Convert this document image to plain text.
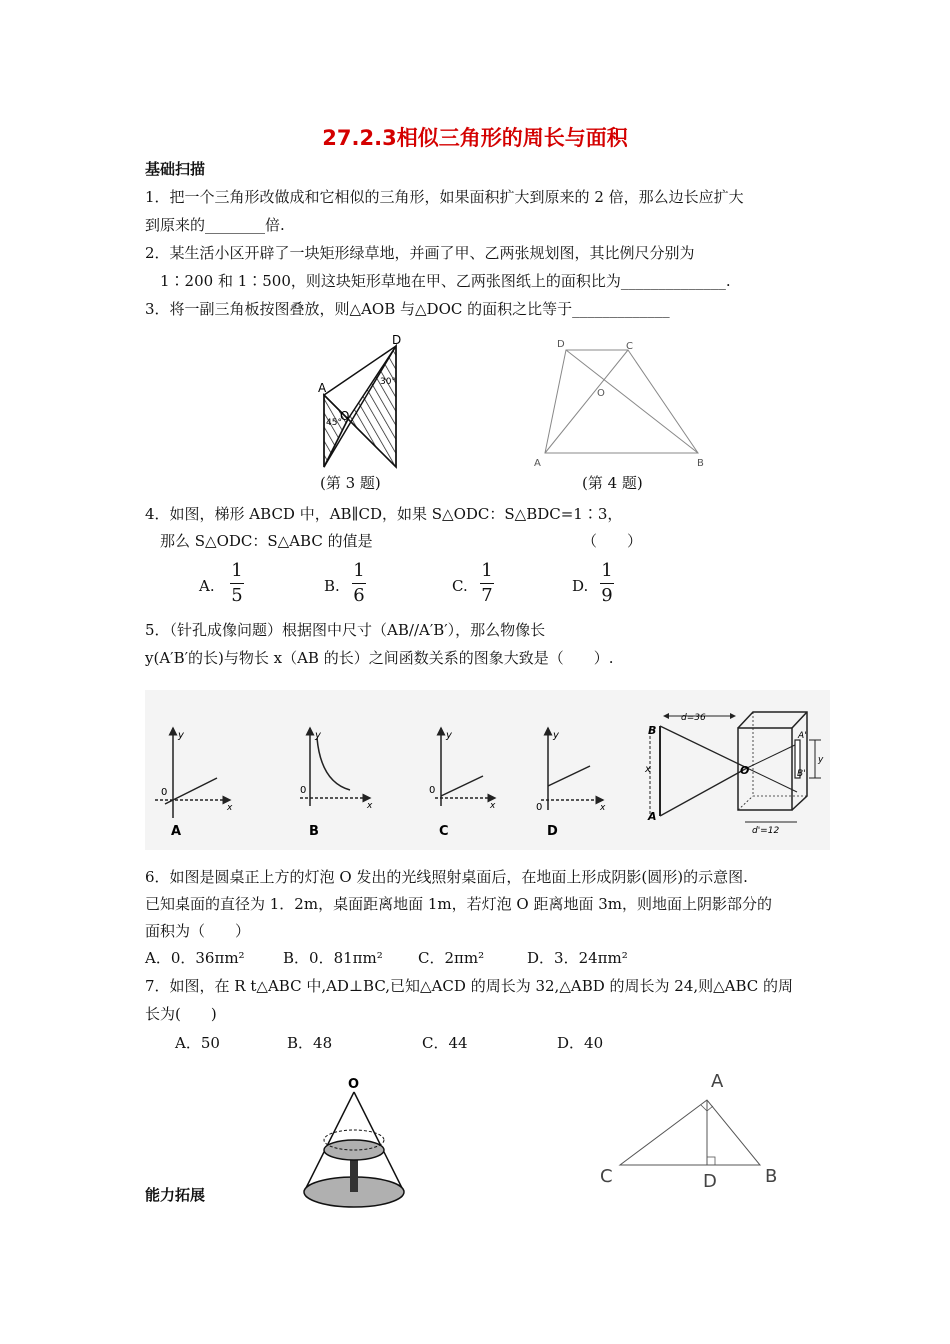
27.2.3相似三角形的周长与面积
基础扫描
1．把一个三角形改做成和它相似的三角形，如果面积扩大到原来的 2 倍，那么边长应扩大
到原来的________倍.
2．某生活小区开辟了一块矩形绿草地，并画了甲、乙两张规划图，其比例尺分别为
1∶200 和 1∶500，则这块矩形草地在甲、乙两张图纸上的面积比为______________.
3．将一副三角板按图叠放，则△AOB 与△DOC 的面积之比等于_____________
A
D
O
45°
30°
(第 3 题)
D	C
O
A	B
(第 4 题)
4．如图，梯形 ABCD 中，AB∥CD，如果 S△ODC：S△BDC=1∶3，
那么 S△ODC：S△ABC 的值是	（　　）
A.
1
5	B.
1
6	C.
1
7	D.
1
9
5．（针孔成像问题）根据图中尺寸（AB//A′B′），那么物像长
y(A′B′的长)与物长 x（AB 的长）之间函数关系的图象大致是（　　）.
y
x
0
A
y
x
0
B
y
x
0
C
y
x
0
D
d=36
d'=12
B
A
x	O
A'
B'
y
6．如图是圆桌正上方的灯泡 O 发出的光线照射桌面后，在地面上形成阴影(圆形)的示意图.
已知桌面的直径为 1．2m，桌面距离地面 1m，若灯泡 O 距离地面 3m，则地面上阴影部分的
面积为（　　）
A．0．36πm²	B．0．81πm² C．2πm²	D．3．24πm²
7．如图，在 R t△ABC 中,AD⊥BC,已知△ACD 的周长为 32,△ABD 的周长为 24,则△ABC 的周
长为(　　)
A．50	B．48	C．44	D．40
O	A
C	D	B
能力拓展
